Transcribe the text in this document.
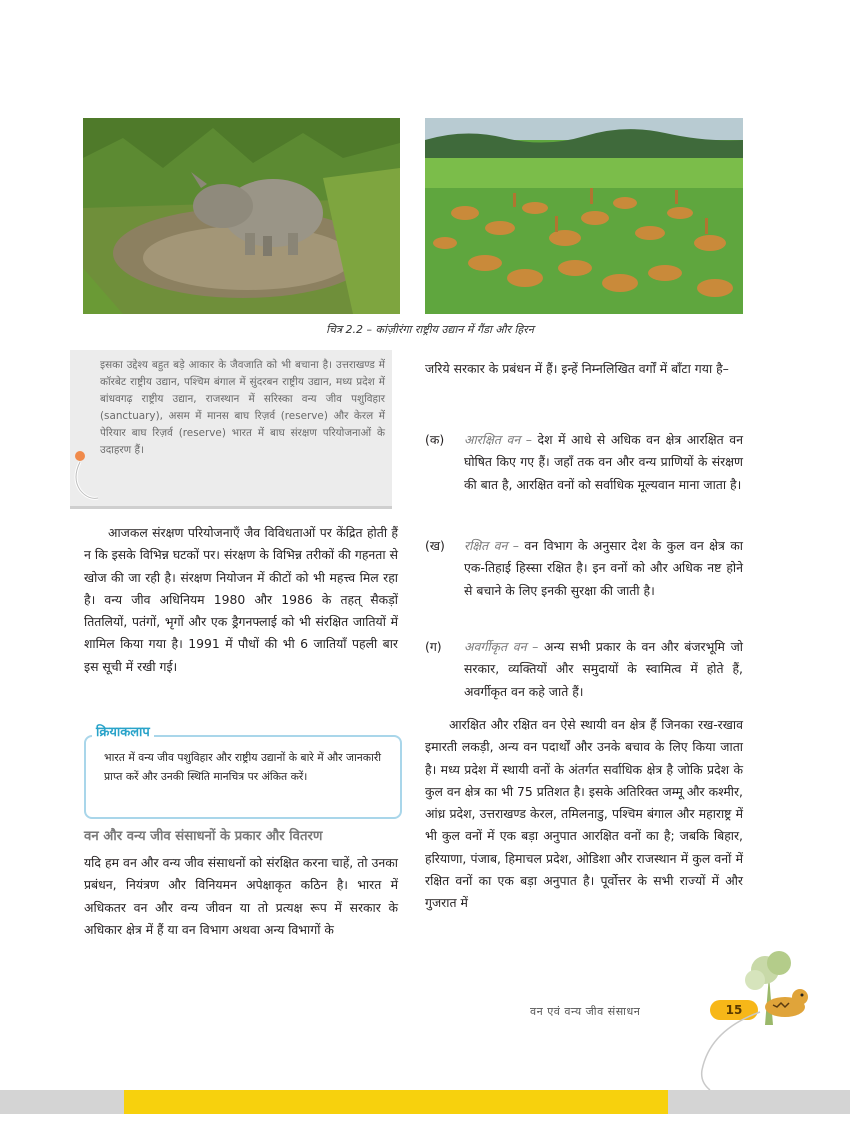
चित्र 2.2 – कांज़ीरंगा राष्ट्रीय उद्यान में गैंडा और हिरन
इसका उद्देश्य बहुत बड़े आकार के जैवजाति को भी बचाना है। उत्तराखण्ड में कॉरबेट राष्ट्रीय उद्यान, पश्चिम बंगाल में सुंदरबन राष्ट्रीय उद्यान, मध्य प्रदेश में बांधवगढ़ राष्ट्रीय उद्यान, राजस्थान में सरिस्का वन्य जीव पशुविहार (sanctuary), असम में मानस बाघ रिज़र्व (reserve) और केरल में पेरियार बाघ रिज़र्व (reserve) भारत में बाघ संरक्षण परियोजनाओं के उदाहरण हैं।
आजकल संरक्षण परियोजनाएँ जैव विविधताओं पर केंद्रित होती हैं न कि इसके विभिन्न घटकों पर। संरक्षण के विभिन्न तरीकों की गहनता से खोज की जा रही है। संरक्षण नियोजन में कीटों को भी महत्त्व मिल रहा है। वन्य जीव अधिनियम 1980 और 1986 के तहत् सैकड़ों तितलियों, पतंगों, भृगों और एक ड्रैगनफ्लाई को भी संरक्षित जातियों में शामिल किया गया है। 1991 में पौधों की भी 6 जातियाँ पहली बार इस सूची में रखी गई।
क्रियाकलाप
भारत में वन्य जीव पशुविहार और राष्ट्रीय उद्यानों के बारे में और जानकारी प्राप्त करें और उनकी स्थिति मानचित्र पर अंकित करें।
वन और वन्य जीव संसाधनों के प्रकार और वितरण
यदि हम वन और वन्य जीव संसाधनों को संरक्षित करना चाहें, तो उनका प्रबंधन, नियंत्रण और विनियमन अपेक्षाकृत कठिन है। भारत में अधिकतर वन और वन्य जीवन या तो प्रत्यक्ष रूप में सरकार के अधिकार क्षेत्र में हैं या वन विभाग अथवा अन्य विभागों के
जरिये सरकार के प्रबंधन में हैं। इन्हें निम्नलिखित वर्गों में बाँटा गया है–
(क) आरक्षित वन – देश में आधे से अधिक वन क्षेत्र आरक्षित वन घोषित किए गए हैं। जहाँ तक वन और वन्य प्राणियों के संरक्षण की बात है, आरक्षित वनों को सर्वाधिक मूल्यवान माना जाता है।
(ख) रक्षित वन – वन विभाग के अनुसार देश के कुल वन क्षेत्र का एक-तिहाई हिस्सा रक्षित है। इन वनों को और अधिक नष्ट होने से बचाने के लिए इनकी सुरक्षा की जाती है।
(ग) अवर्गीकृत वन – अन्य सभी प्रकार के वन और बंजरभूमि जो सरकार, व्यक्तियों और समुदायों के स्वामित्व में होते हैं, अवर्गीकृत वन कहे जाते हैं।
आरक्षित और रक्षित वन ऐसे स्थायी वन क्षेत्र हैं जिनका रख-रखाव इमारती लकड़ी, अन्य वन पदार्थों और उनके बचाव के लिए किया जाता है। मध्य प्रदेश में स्थायी वनों के अंतर्गत सर्वाधिक क्षेत्र है जोकि प्रदेश के कुल वन क्षेत्र का भी 75 प्रतिशत है। इसके अतिरिक्त जम्मू और कश्मीर, आंध्र प्रदेश, उत्तराखण्ड केरल, तमिलनाडु, पश्चिम बंगाल और महाराष्ट्र में भी कुल वनों में एक बड़ा अनुपात आरक्षित वनों का है; जबकि बिहार, हरियाणा, पंजाब, हिमाचल प्रदेश, ओडिशा और राजस्थान में कुल वनों में रक्षित वनों का एक बड़ा अनुपात है। पूर्वोत्तर के सभी राज्यों में और गुजरात में
वन एवं वन्य जीव संसाधन	15
